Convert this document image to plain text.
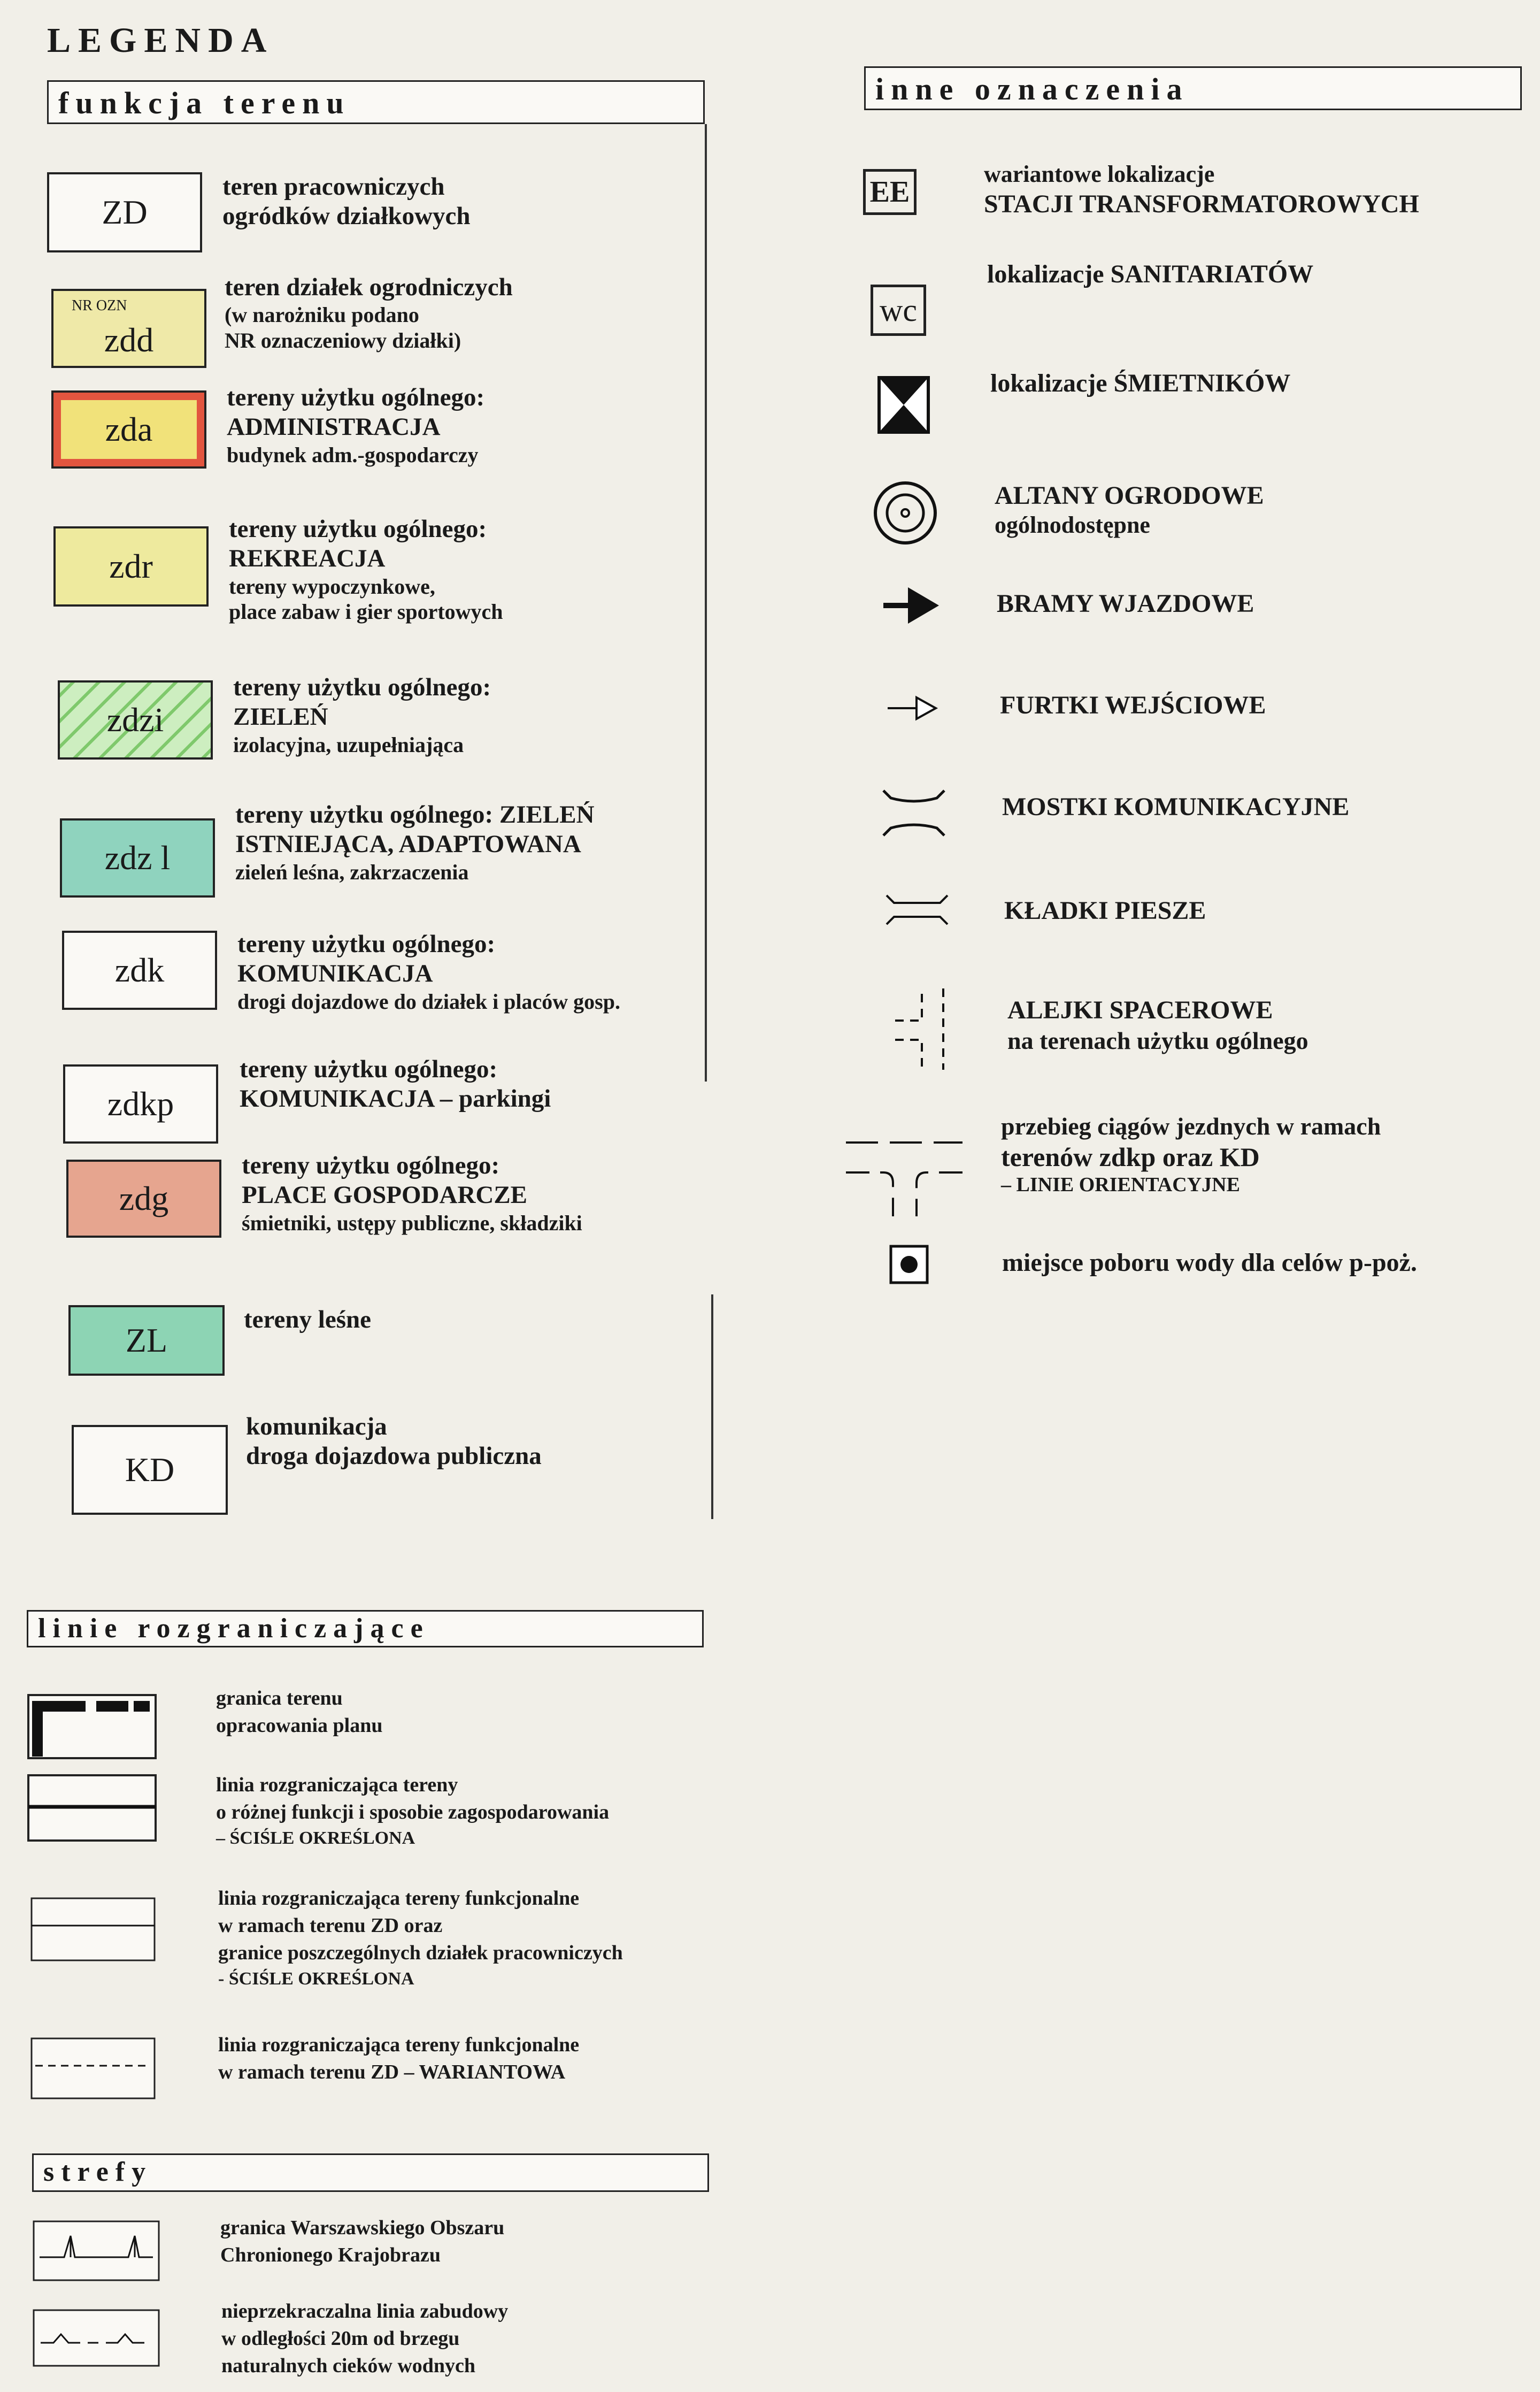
LEGENDA
funkcja terenu
ZD
teren pracowniczych
ogródków działkowych
NR OZN
zdd
teren działek ogrodniczych
(w narożniku podano
NR oznaczeniowy działki)
zda
tereny użytku ogólnego:
ADMINISTRACJA
budynek adm.-gospodarczy
zdr
tereny użytku ogólnego:
REKREACJA
tereny wypoczynkowe,
place zabaw i gier sportowych
zdzi
tereny użytku ogólnego:
ZIELEŃ
izolacyjna, uzupełniająca
zdz l
tereny użytku ogólnego: ZIELEŃ
ISTNIEJĄCA, ADAPTOWANA
zieleń leśna, zakrzaczenia
zdk
tereny użytku ogólnego:
KOMUNIKACJA
drogi dojazdowe do działek i placów gosp.
zdkp
tereny użytku ogólnego:
KOMUNIKACJA – parkingi
zdg
tereny użytku ogólnego:
PLACE GOSPODARCZE
śmietniki, ustępy publiczne, składziki
ZL
tereny leśne
KD
komunikacja
droga dojazdowa publiczna
inne oznaczenia
EE
wariantowe lokalizacje
STACJI TRANSFORMATOROWYCH
wc
lokalizacje SANITARIATÓW
lokalizacje ŚMIETNIKÓW
ALTANY OGRODOWE
ogólnodostępne
BRAMY WJAZDOWE
FURTKI WEJŚCIOWE
MOSTKI KOMUNIKACYJNE
KŁADKI PIESZE
ALEJKI SPACEROWE
na terenach użytku ogólnego
przebieg ciągów jezdnych w ramach
terenów zdkp oraz KD
– LINIE ORIENTACYJNE
miejsce poboru wody dla celów p-poż.
linie rozgraniczające
granica terenu
opracowania planu
linia rozgraniczająca tereny
o różnej funkcji i sposobie zagospodarowania
– ŚCIŚLE OKREŚLONA
linia rozgraniczająca tereny funkcjonalne
w ramach terenu ZD oraz
granice poszczególnych działek pracowniczych
- ŚCIŚLE OKREŚLONA
linia rozgraniczająca tereny funkcjonalne
w ramach terenu ZD – WARIANTOWA
strefy
granica Warszawskiego Obszaru
Chronionego Krajobrazu
nieprzekraczalna linia zabudowy
w odległości 20m od brzegu
naturalnych cieków wodnych
